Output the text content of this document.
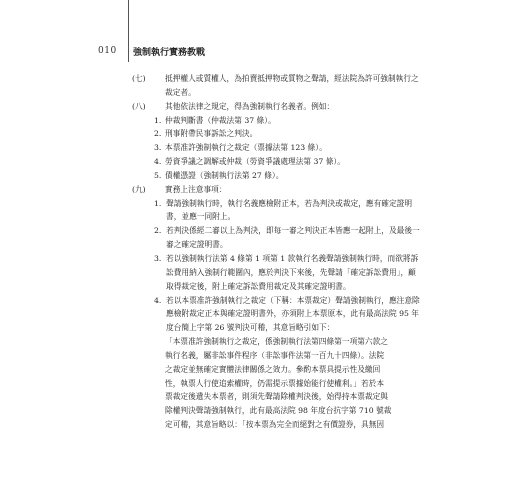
010	強制執行實務教戰
(七)	抵押權人或質權人，為拍賣抵押物或質物之聲請，經法院為許可強制執行之裁定者。
(八)	其他依法律之規定，得為強制執行名義者。例如：
1. 仲裁判斷書（仲裁法第 37 條）。
2. 刑事附帶民事訴訟之判決。
3. 本票准許強制執行之裁定（票據法第 123 條）。
4. 勞資爭議之調解或仲裁（勞資爭議處理法第 37 條）。
5. 債權憑證（強制執行法第 27 條）。
(九)	實務上注意事項：
1. 聲請強制執行時，執行名義應檢附正本，若為判決或裁定，應有確定證明書，並應一同附上。
2. 若判決係經二審以上為判決，即每一審之判決正本皆應一起附上，及最後一審之確定證明書。
3. 若以強制執行法第 4 條第 1 項第 1 款執行名義聲請強制執行時，而欲將訴訟費用納入強制行範圍內，應於判決下來後，先聲請「確定訴訟費用」，顧取得裁定後，附上確定訴訟費用裁定及其確定證明書。
4. 若以本票准許強制執行之裁定（下稱：本票裁定）聲請強制執行，應注意除應檢附裁定正本與確定證明書外，亦須附上本票原本，此有最高法院 95 年度台簡上字第 26 號判決可稽，其意旨略引如下：
「本票准許強制執行之裁定，係強制執行法第四條第一項第六款之
執行名義，屬非訟事件程序（非訟事件法第一百九十四條）。法院
之裁定並無確定實體法律關係之效力。參酌本票具提示性及繳回
性，執票人行使追索權時，仍需提示票據始能行使權利。」若於本
票裁定後遺失本票者，則須先聲請除權判決後，始得持本票裁定與
除權判決聲請強制執行，此有最高法院 98 年度台抗字第 710 號裁
定可稽，其意旨略以：「按本票為完全而絕對之有價證券，具無因
